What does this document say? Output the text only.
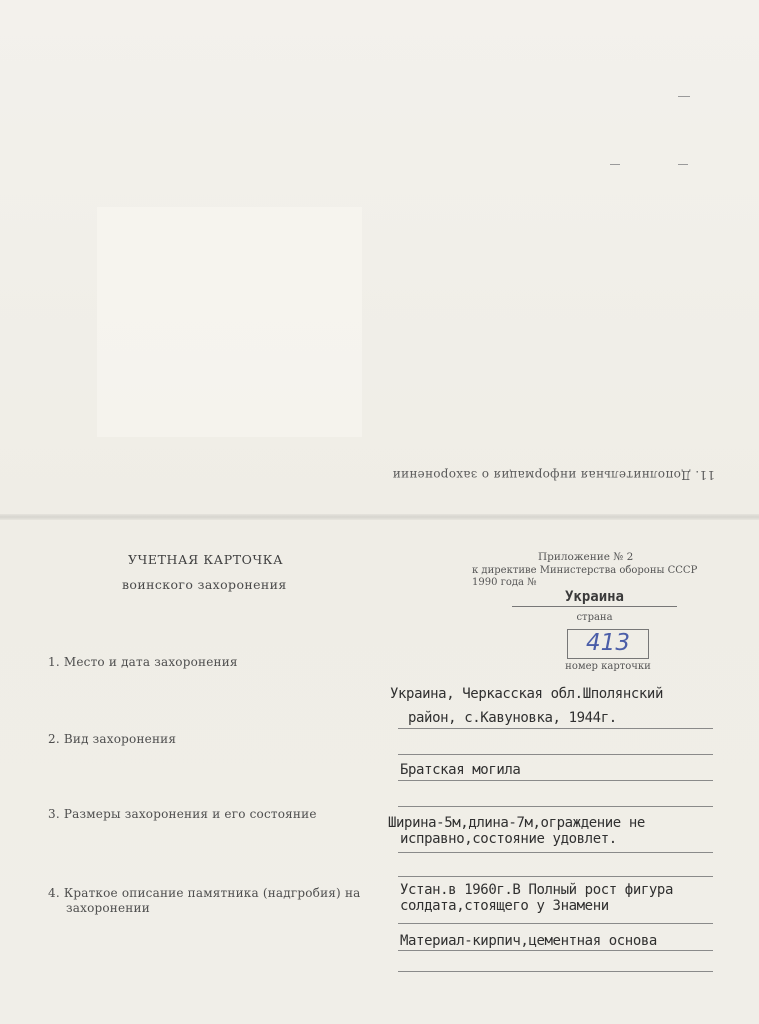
11. Дополнительная информация о захоронении
УЧЕТНАЯ КАРТОЧКА
воинского захоронения
Приложение № 2
к директиве Министерства обороны СССР
1990 года №
Украина
страна
413
номер карточки
1. Место и дата захоронения
Украина, Черкасская обл.Шполянский
район, с.Кавуновка, 1944г.
2. Вид захоронения
Братская могила
3. Размеры захоронения и его состояние
Ширина-5м,длина-7м,ограждение не
исправно,состояние удовлет.
4. Краткое описание памятника (надгробия) на
захоронении
Устан.в 1960г.В Полный рост фигура
солдата,стоящего у Знамени
Материал-кирпич,цементная основа
